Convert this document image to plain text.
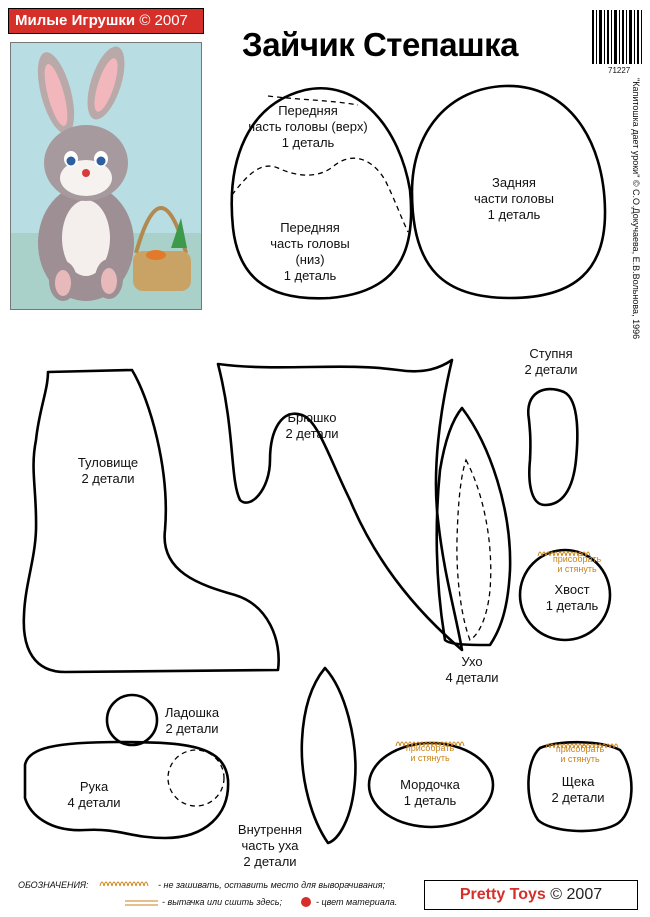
Милые Игрушки © 2007
Зайчик Степашка
71227
"Капитошка дает уроки" © С.О.Докучаева, Е.В.Вольнова, 1996
Передняя
часть головы (верх)
1 деталь
Передняя
часть головы
(низ)
1 деталь
Задняя
части головы
1 деталь
Ступня
2 детали
Туловище
2 детали
Брюшко
2 детали
присобрать
и стянуть
Хвост
1 деталь
Ухо
4 детали
Ладошка
2 детали
Рука
4 детали
присобрать
и стянуть
Мордочка
1 деталь
присобрать
и стянуть
Щека
2 детали
Внутрення
часть уха
2 детали
ОБОЗНАЧЕНИЯ:	- не зашивать, оставить место для выворачивания;
- вытачка или сшить здесь;	- цвет материала.	Pretty Toys © 2007
